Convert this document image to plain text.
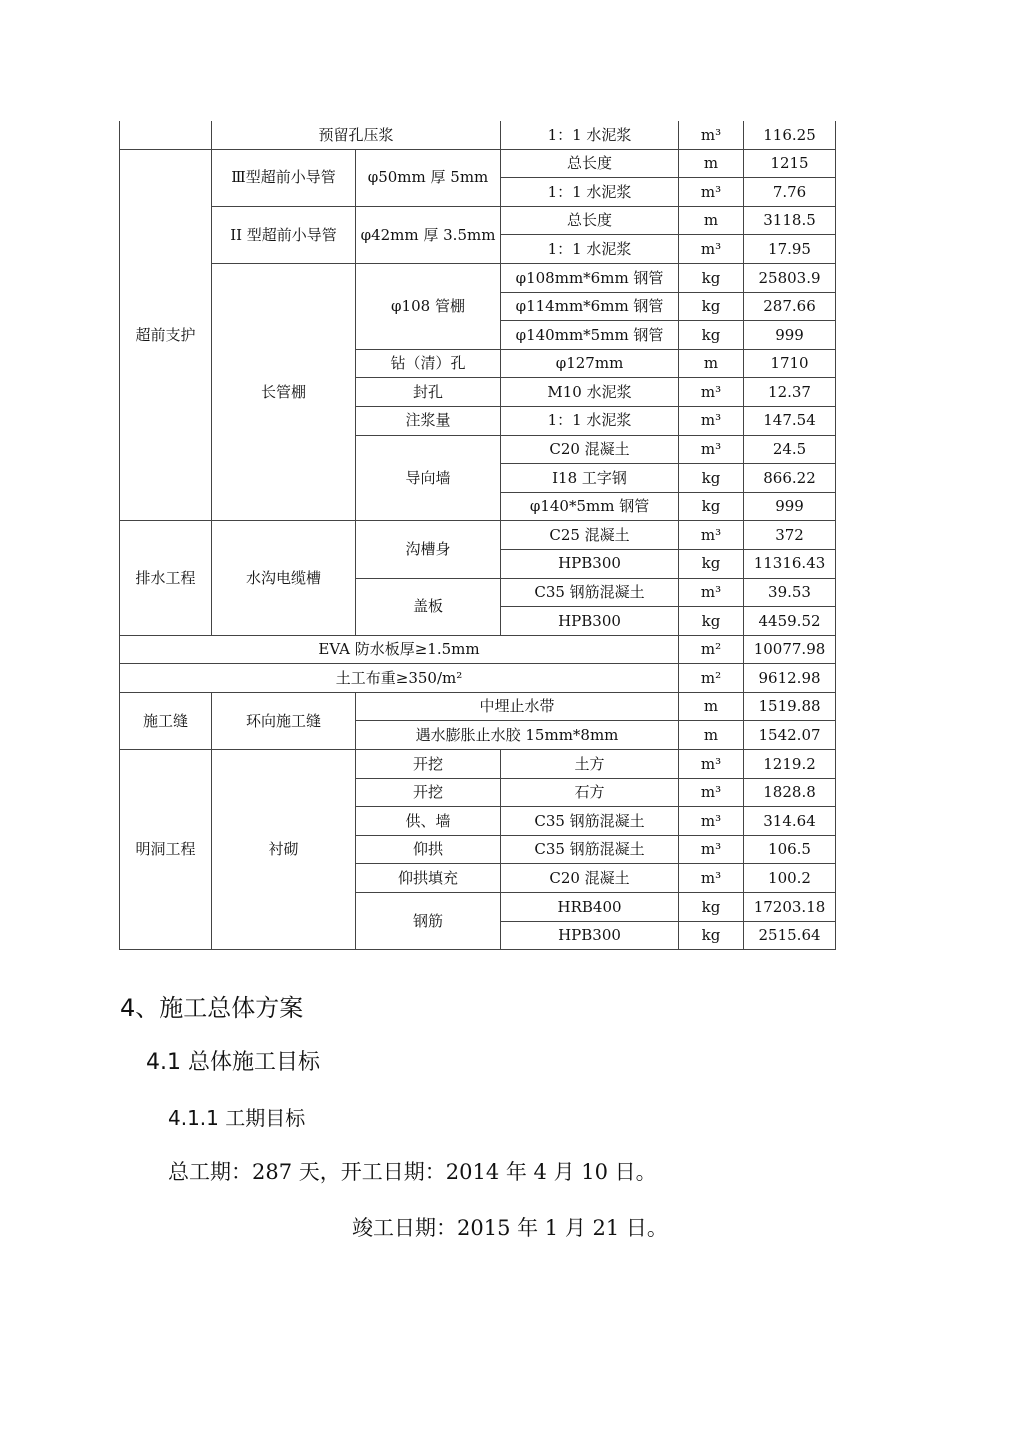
	预留孔压浆		1：1 水泥浆	m³	116.25
超前支护	Ⅲ型超前小导管	φ50mm 厚 5mm	总长度	m	1215
			1：1 水泥浆	m³	7.76
	II 型超前小导管	φ42mm 厚 3.5mm	总长度	m	3118.5
			1：1 水泥浆	m³	17.95
	长管棚	φ108 管棚	φ108mm*6mm 钢管	kg	25803.9
			φ114mm*6mm 钢管	kg	287.66
			φ140mm*5mm 钢管	kg	999
		钻（清）孔	φ127mm	m	1710
		封孔	M10 水泥浆	m³	12.37
		注浆量	1：1 水泥浆	m³	147.54
		导向墙	C20 混凝土	m³	24.5
			I18 工字钢	kg	866.22
			φ140*5mm 钢管	kg	999
排水工程	水沟电缆槽	沟槽身	C25 混凝土	m³	372
			HPB300	kg	11316.43
		盖板	C35 钢筋混凝土	m³	39.53
			HPB300	kg	4459.52
EVA 防水板厚≥1.5mm				m²	10077.98
土工布重≥350/m²				m²	9612.98
施工缝	环向施工缝	中埋止水带		m	1519.88
		遇水膨胀止水胶 15mm*8mm		m	1542.07
明洞工程	衬砌	开挖	土方	m³	1219.2
		开挖	石方	m³	1828.8
		供、墙	C35 钢筋混凝土	m³	314.64
		仰拱	C35 钢筋混凝土	m³	106.5
		仰拱填充	C20 混凝土	m³	100.2
		钢筋	HRB400	kg	17203.18
			HPB300	kg	2515.64
4、施工总体方案
4.1 总体施工目标
4.1.1 工期目标
总工期：287 天，开工日期：2014 年 4 月 10 日。
竣工日期：2015 年 1 月 21 日。
